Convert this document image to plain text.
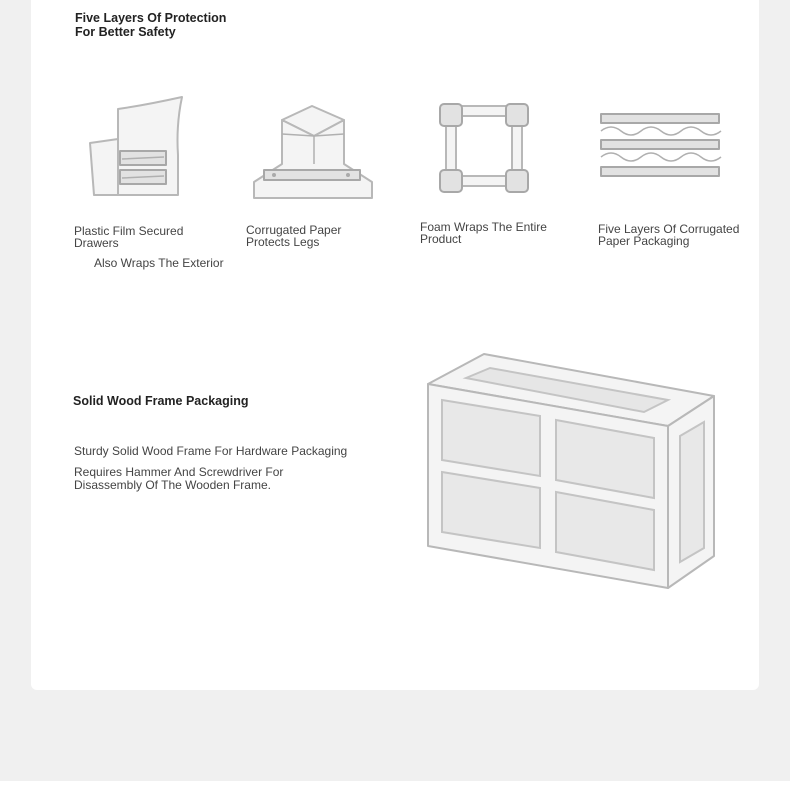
Five Layers Of Protection For Better Safety
Plastic Film Secured Drawers
Corrugated Paper Protects Legs
Foam Wraps The Entire Product
Five Layers Of Corrugated Paper Packaging
Also Wraps The Exterior
Solid Wood Frame Packaging
Sturdy Solid Wood Frame For Hardware Packaging
Requires Hammer And Screwdriver For Disassembly Of The Wooden Frame.
